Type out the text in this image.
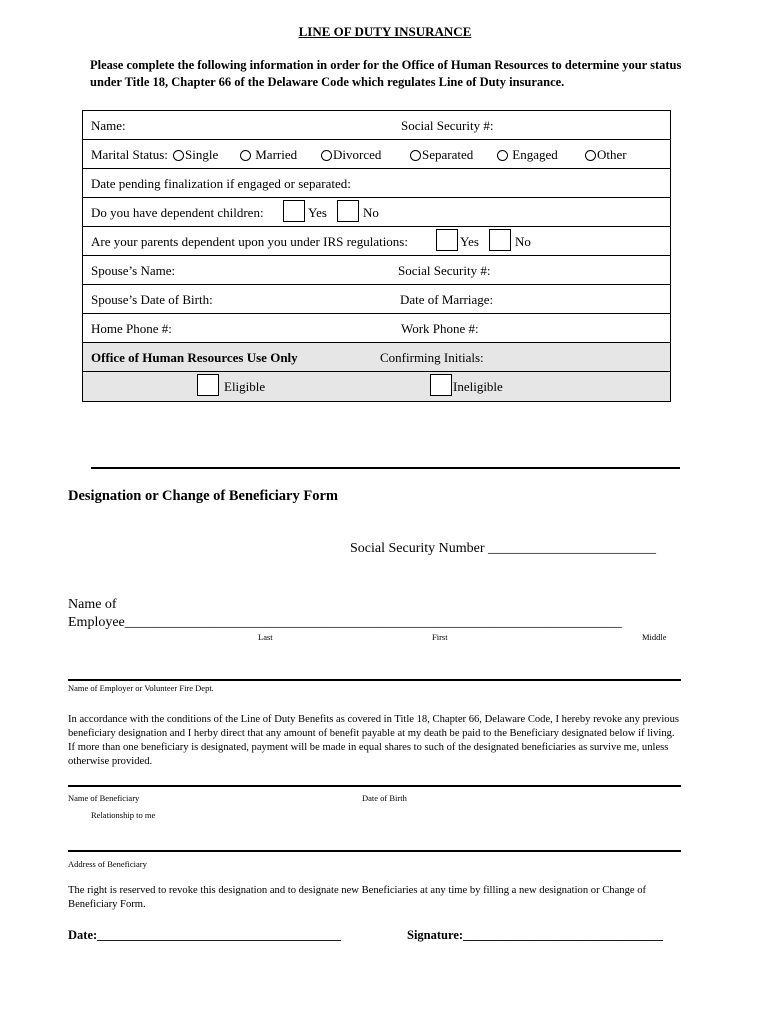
LINE OF DUTY INSURANCE
Please complete the following information in order for the Office of Human Resources to determine your status under Title 18, Chapter 66 of the Delaware Code which regulates Line of Duty insurance.
Name:	Social Security #:
Marital Status:	Single	Married	Divorced	Separated	Engaged	Other
Date pending finalization if engaged or separated:
Do you have dependent children:	Yes	No
Are your parents dependent upon you under IRS regulations:	Yes	No
Spouse’s Name:	Social Security #:
Spouse’s Date of Birth:	Date of Marriage:
Home Phone #:	Work Phone #:
Office of Human Resources Use Only	Confirming Initials:
Eligible	Ineligible
Designation or Change of Beneficiary Form
Social Security Number ________________________
Name of
Employee_______________________________________________________________________
Last	First	Middle
Name of Employer or Volunteer Fire Dept.
In accordance with the conditions of the Line of Duty Benefits as covered in Title 18, Chapter 66, Delaware Code, I hereby revoke any previous beneficiary designation and I herby direct that any amount of benefit payable at my death be paid to the Beneficiary designated below if living. If more than one beneficiary is designated, payment will be made in equal shares to such of the designated beneficiaries as survive me, unless otherwise provided.
Name of Beneficiary	Date of Birth
Relationship to me
Address of Beneficiary
The right is reserved to revoke this designation and to designate new Beneficiaries at any time by filling a new designation or Change of Beneficiary Form.
Date:_______________________________________	Signature:________________________________
